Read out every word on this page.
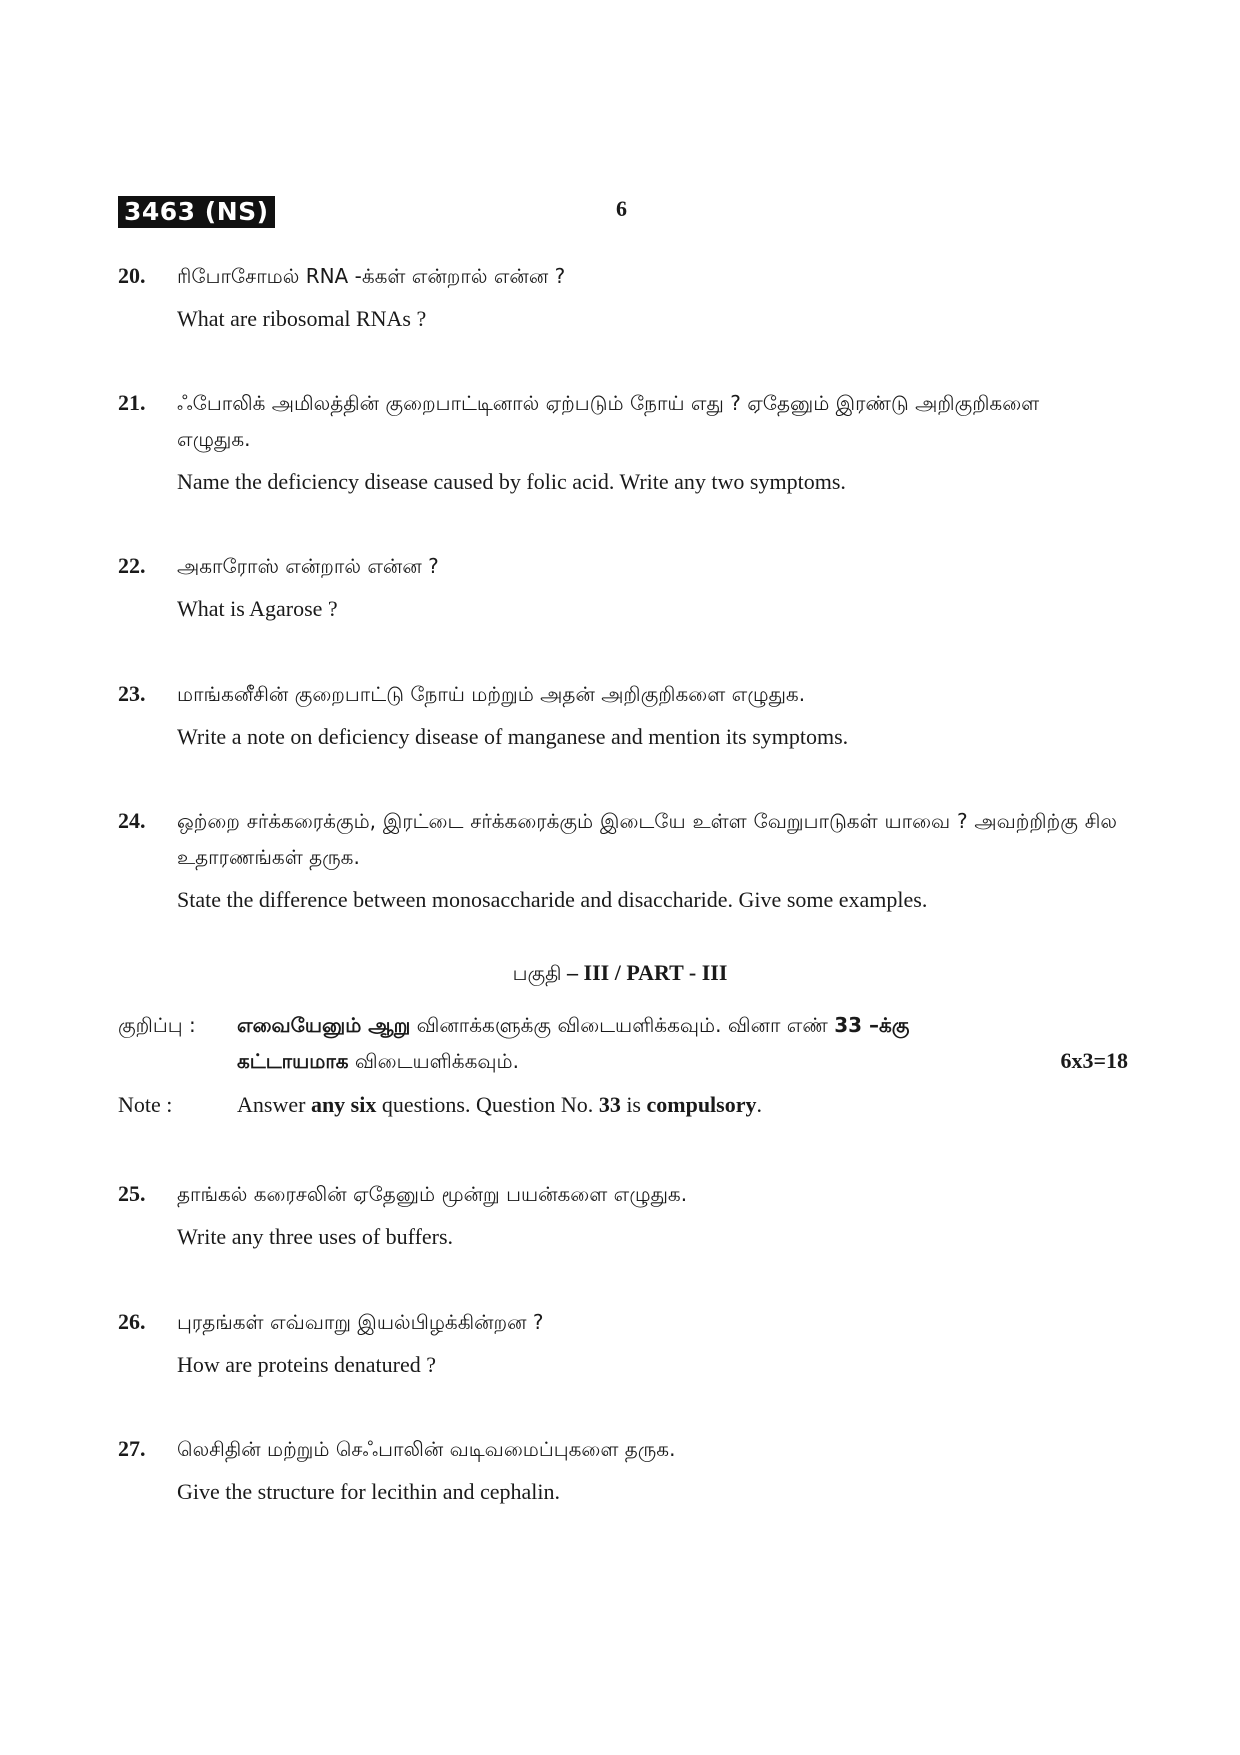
3463 (NS)	6
20. ரிபோசோமல் RNA -க்கள் என்றால் என்ன ?

What are ribosomal RNAs ?

21. ஃபோலிக் அமிலத்தின் குறைபாட்டினால் ஏற்படும் நோய் எது ? ஏதேனும் இரண்டு அறிகுறிகளை எழுதுக.

Name the deficiency disease caused by folic acid. Write any two symptoms.

22. அகாரோஸ் என்றால் என்ன ?

What is Agarose ?

23. மாங்கனீசின் குறைபாட்டு நோய் மற்றும் அதன் அறிகுறிகளை எழுதுக.

Write a note on deficiency disease of manganese and mention its symptoms.

24. ஒற்றை சர்க்கரைக்கும், இரட்டை சர்க்கரைக்கும் இடையே உள்ள வேறுபாடுகள் யாவை ? அவற்றிற்கு சில உதாரணங்கள் தருக.

State the difference between monosaccharide and disaccharide. Give some examples.

பகுதி – III / PART - III
குறிப்பு : எவையேனும் ஆறு வினாக்களுக்கு விடையளிக்கவும். வினா எண் 33 –க்கு
கட்டாயமாக விடையளிக்கவும்.	6x3=18
Note :	Answer any six questions. Question No. 33 is compulsory.
25. தாங்கல் கரைசலின் ஏதேனும் மூன்று பயன்களை எழுதுக.

Write any three uses of buffers.

26. புரதங்கள் எவ்வாறு இயல்பிழக்கின்றன ?

How are proteins denatured ?

27. லெசிதின் மற்றும் செஃபாலின் வடிவமைப்புகளை தருக.

Give the structure for lecithin and cephalin.
